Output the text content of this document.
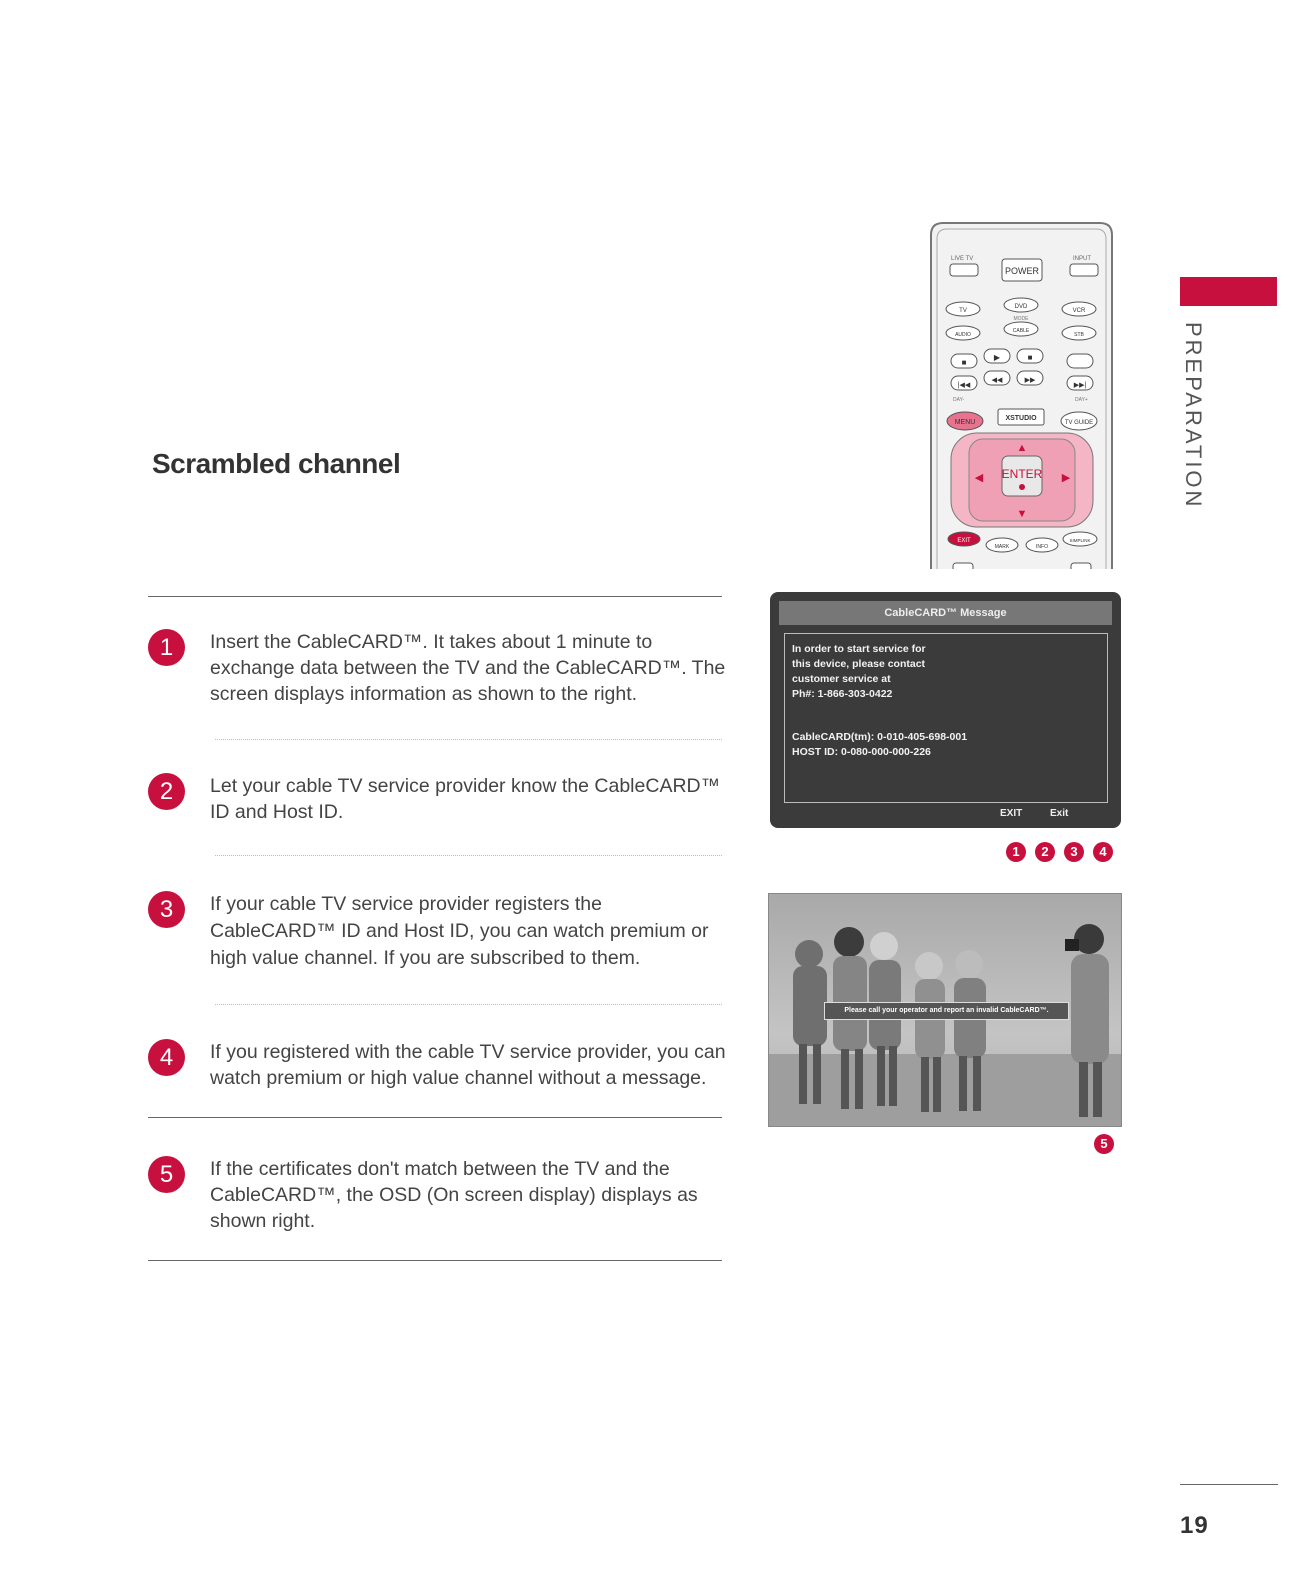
PREPARATION
Scrambled channel
1	Insert the CableCARD™. It takes about 1 minute to exchange data between the TV and the CableCARD™. The screen displays information as shown to the right.
2	Let your cable TV service provider know the CableCARD™ ID and Host ID.
3	If your cable TV service provider registers the CableCARD™ ID and Host ID, you can watch premium or high value channel. If you are subscribed to them.
4	If you registered with the cable TV service provider, you can watch premium or high value channel without a message.
5	If the certificates don't match between the TV and the CableCARD™, the OSD (On screen display) displays as shown right.
LIVE TV
POWER
INPUT
TV
DVD
VCR
MODE
AUDIO
CABLE
STB
■
▶	■
|◀◀
◀◀	▶▶
▶▶|
DAY-	DAY+
MENU
XSTUDIO
TV GUIDE
ENTER
▲
▼
◀	▶
EXIT
MARK	INFO
SIMPLINK
CableCARD™ Message
In order to start service for
this device, please contact
customer service at
Ph#: 1-866-303-0422
CableCARD(tm): 0-010-405-698-001
HOST ID: 0-080-000-000-226
EXIT	Exit
1 2 3 4
Please call your operator and report an invalid CableCARD™.
5
19
